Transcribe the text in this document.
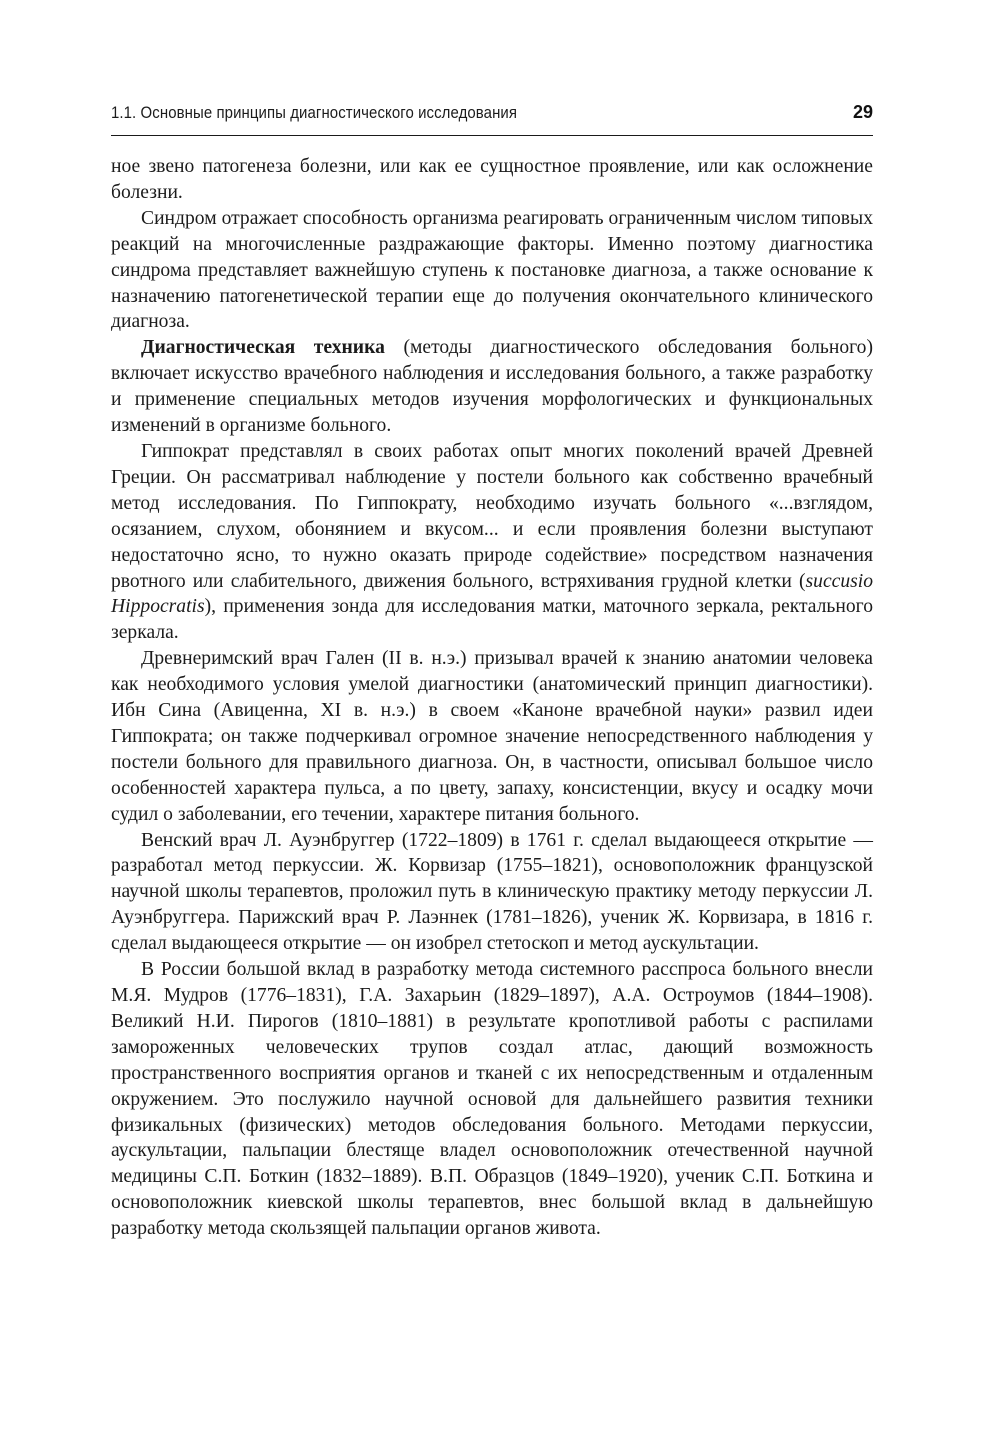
1.1. Основные принципы диагностического исследования	29

ное звено патогенеза болезни, или как ее сущностное проявление, или как осложнение болезни.

Синдром отражает способность организма реагировать ограниченным числом типовых реакций на многочисленные раздражающие факторы. Именно поэтому диагностика синдрома представляет важнейшую ступень к постановке диагноза, а также основание к назначению патогенетической терапии еще до получения окончательного клинического диагноза.

Диагностическая техника (методы диагностического обследования больного) включает искусство врачебного наблюдения и исследования больного, а также разработку и применение специальных методов изучения морфологических и функциональных изменений в организме больного.

Гиппократ представлял в своих работах опыт многих поколений врачей Древней Греции. Он рассматривал наблюдение у постели больного как собственно врачебный метод исследования. По Гиппократу, необходимо изучать больного «...взглядом, осязанием, слухом, обонянием и вкусом... и если проявления болезни выступают недостаточно ясно, то нужно оказать природе содействие» посредством назначения рвотного или слабительного, движения больного, встряхивания грудной клетки (succusio Hippocratis), применения зонда для исследования матки, маточного зеркала, ректального зеркала.

Древнеримский врач Гален (II в. н.э.) призывал врачей к знанию анатомии человека как необходимого условия умелой диагностики (анатомический принцип диагностики). Ибн Сина (Авиценна, XI в. н.э.) в своем «Каноне врачебной науки» развил идеи Гиппократа; он также подчеркивал огромное значение непосредственного наблюдения у постели больного для правильного диагноза. Он, в частности, описывал большое число особенностей характера пульса, а по цвету, запаху, консистенции, вкусу и осадку мочи судил о заболевании, его течении, характере питания больного.

Венский врач Л. Ауэнбруггер (1722–1809) в 1761 г. сделал выдающееся открытие — разработал метод перкуссии. Ж. Корвизар (1755–1821), основоположник французской научной школы терапевтов, проложил путь в клиническую практику методу перкуссии Л. Ауэнбруггера. Парижский врач Р. Лаэннек (1781–1826), ученик Ж. Корвизара, в 1816 г. сделал выдающееся открытие — он изобрел стетоскоп и метод аускультации.

В России большой вклад в разработку метода системного расспроса больного внесли М.Я. Мудров (1776–1831), Г.А. Захарьин (1829–1897), А.А. Остроумов (1844–1908). Великий Н.И. Пирогов (1810–1881) в результате кропотливой работы с распилами замороженных человеческих трупов создал атлас, дающий возможность пространственного восприятия органов и тканей с их непосредственным и отдаленным окружением. Это послужило научной основой для дальнейшего развития техники физикальных (физических) методов обследования больного. Методами перкуссии, аускультации, пальпации блестяще владел основоположник отечественной научной медицины С.П. Боткин (1832–1889). В.П. Образцов (1849–1920), ученик С.П. Боткина и основоположник киевской школы терапевтов, внес большой вклад в дальнейшую разработку метода скользящей пальпации органов живота.
